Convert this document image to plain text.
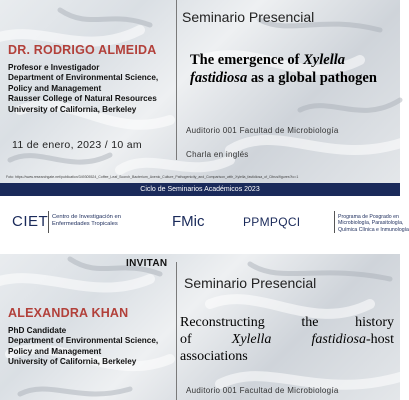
Seminario Presencial
DR. RODRIGO ALMEIDA
Profesor e Investigador
Department of Environmental Science,
Policy and Management
Rausser College of Natural Resources
University of California, Berkeley
The emergence of Xylella fastidiosa as a global pathogen
Auditorio 001 Facultad de Microbiología
Charla en inglés
11 de enero, 2023 / 10 am
Foto: https://www.researchgate.net/publication/349305524_Coffee_Leaf_Scorch_Bacterium_Axenic_Culture_Pathogenicity_and_Comparison_with_Xylella_fastidiosa_of_Citrus/figures?lo=1
Ciclo de Seminarios Académicos 2023
CIET Centro de Investigación en
Enfermedades Tropicales	FMic	PPMPQCI	Programa de Posgrado en
Microbiología, Parasitología,
Química Clínica e Inmunología
INVITAN
Seminario Presencial
ALEXANDRA KHAN
PhD Candidate
Department of Environmental Science,
Policy and Management
University of California, Berkeley
Reconstructing the history
of Xylella fastidiosa-host
associations
Auditorio 001 Facultad de Microbiología
